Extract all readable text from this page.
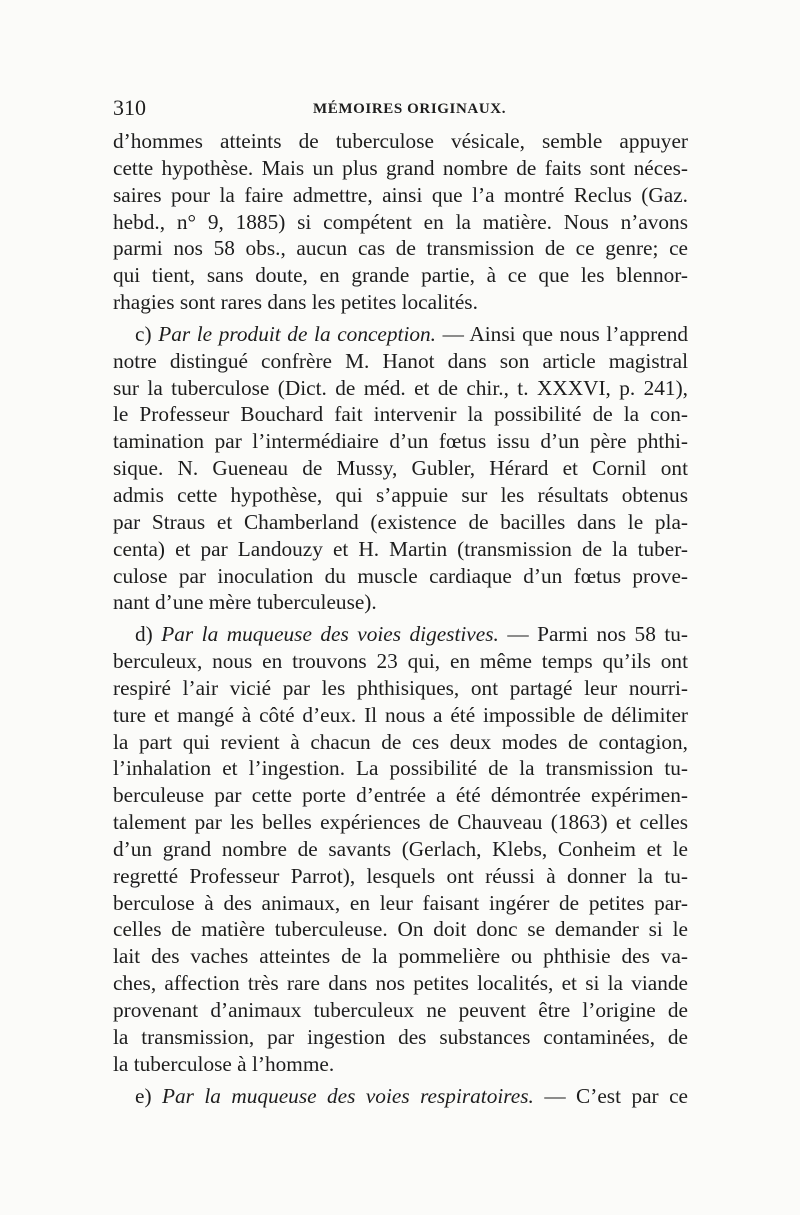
310	MÉMOIRES ORIGINAUX.
d’hommes atteints de tuberculose vésicale, semble appuyer
cette hypothèse. Mais un plus grand nombre de faits sont néces-
saires pour la faire admettre, ainsi que l’a montré Reclus (Gaz.
hebd., n° 9, 1885) si compétent en la matière. Nous n’avons
parmi nos 58 obs., aucun cas de transmission de ce genre; ce
qui tient, sans doute, en grande partie, à ce que les blennor-
rhagies sont rares dans les petites localités.
c) Par le produit de la conception. — Ainsi que nous l’apprend
notre distingué confrère M. Hanot dans son article magistral
sur la tuberculose (Dict. de méd. et de chir., t. XXXVI, p. 241),
le Professeur Bouchard fait intervenir la possibilité de la con-
tamination par l’intermédiaire d’un fœtus issu d’un père phthi-
sique. N. Gueneau de Mussy, Gubler, Hérard et Cornil ont
admis cette hypothèse, qui s’appuie sur les résultats obtenus
par Straus et Chamberland (existence de bacilles dans le pla-
centa) et par Landouzy et H. Martin (transmission de la tuber-
culose par inoculation du muscle cardiaque d’un fœtus prove-
nant d’une mère tuberculeuse).
d) Par la muqueuse des voies digestives. — Parmi nos 58 tu-
berculeux, nous en trouvons 23 qui, en même temps qu’ils ont
respiré l’air vicié par les phthisiques, ont partagé leur nourri-
ture et mangé à côté d’eux. Il nous a été impossible de délimiter
la part qui revient à chacun de ces deux modes de contagion,
l’inhalation et l’ingestion. La possibilité de la transmission tu-
berculeuse par cette porte d’entrée a été démontrée expérimen-
talement par les belles expériences de Chauveau (1863) et celles
d’un grand nombre de savants (Gerlach, Klebs, Conheim et le
regretté Professeur Parrot), lesquels ont réussi à donner la tu-
berculose à des animaux, en leur faisant ingérer de petites par-
celles de matière tuberculeuse. On doit donc se demander si le
lait des vaches atteintes de la pommelière ou phthisie des va-
ches, affection très rare dans nos petites localités, et si la viande
provenant d’animaux tuberculeux ne peuvent être l’origine de
la transmission, par ingestion des substances contaminées, de
la tuberculose à l’homme.
e) Par la muqueuse des voies respiratoires. — C’est par ce
